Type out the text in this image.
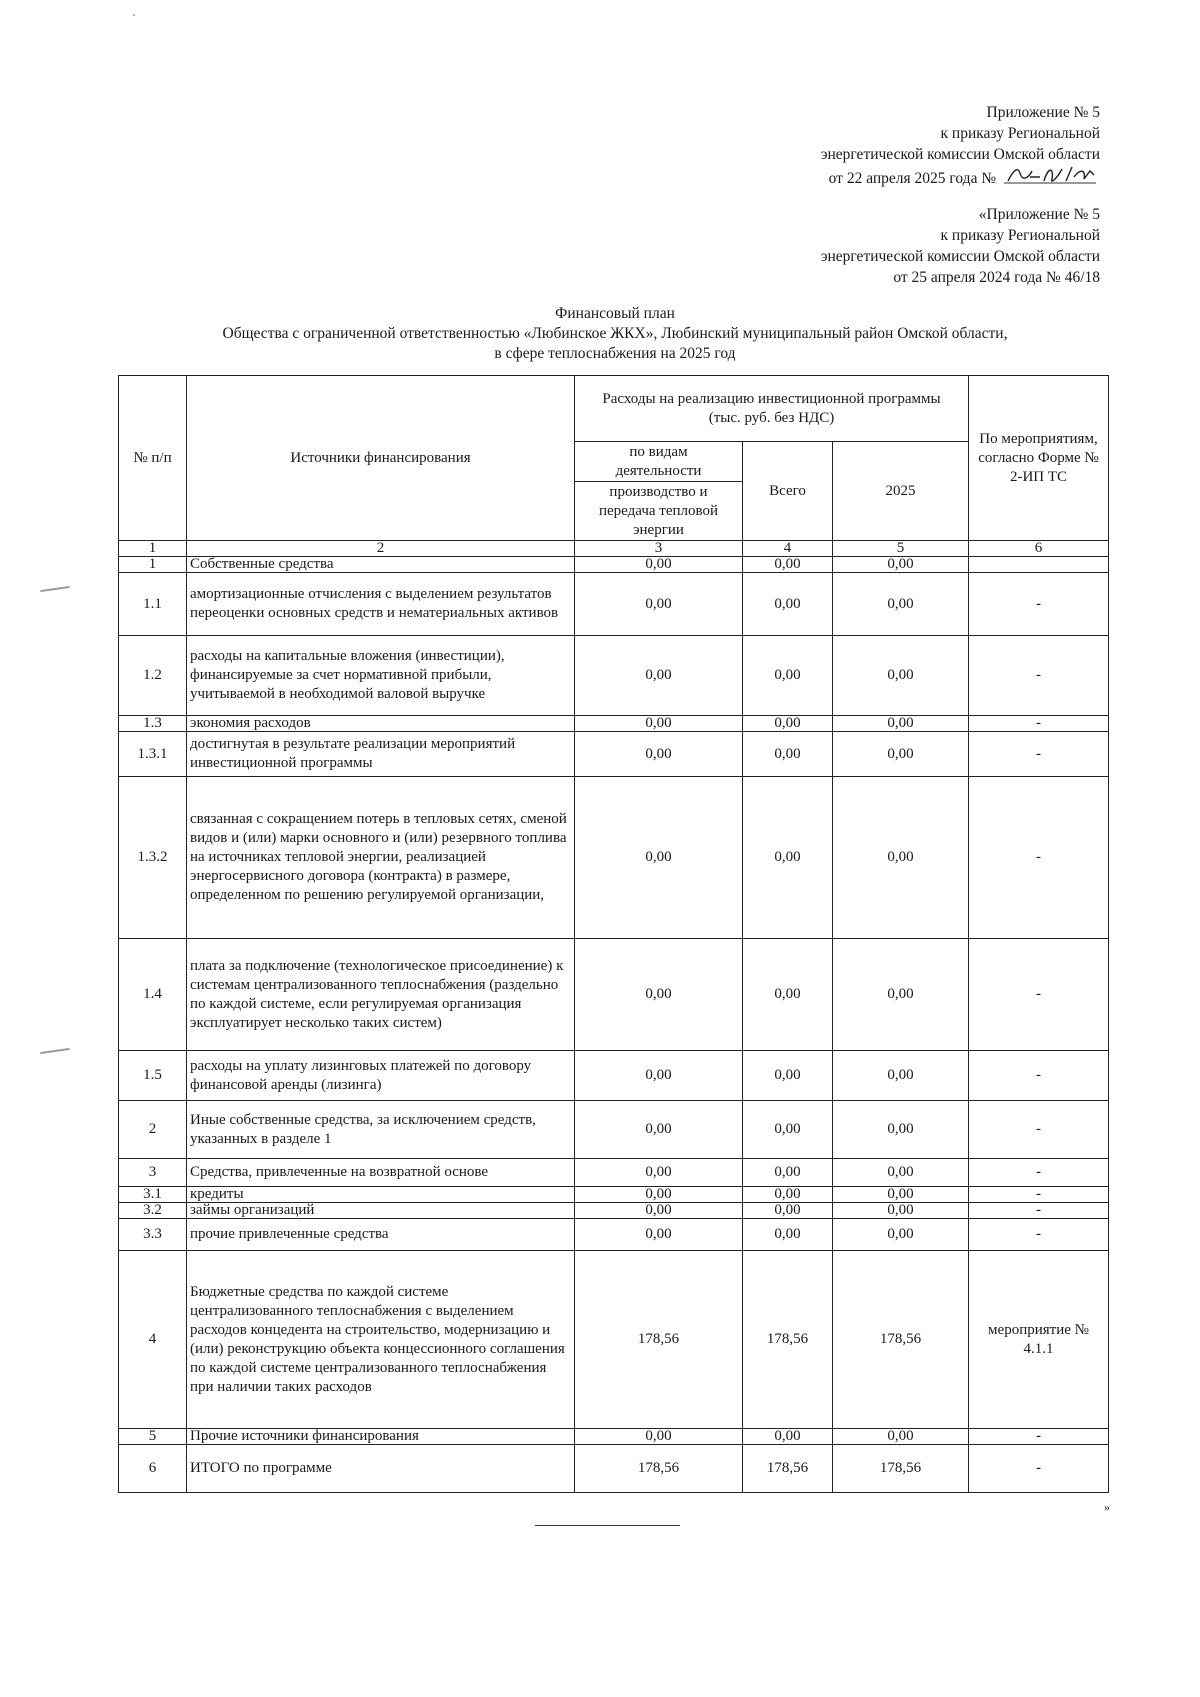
Приложение № 5
к приказу Региональной
энергетической комиссии Омской области
от 22 апреля 2025 года №
«Приложение № 5
к приказу Региональной
энергетической комиссии Омской области
от 25 апреля 2024 года № 46/18
Финансовый план
Общества с ограниченной ответственностью «Любинское ЖКХ», Любинский муниципальный район Омской области,
в сфере теплоснабжения на 2025 год
№ п/п	Источники финансирования	Расходы на реализацию инвестиционной программы (тыс. руб. без НДС)			По мероприятиям, согласно Форме № 2-ИП ТС
		по видам деятельности	Всего	2025	
		производство и передача тепловой энергии			
1	2	3	4	5	6
1	Собственные средства	0,00	0,00	0,00	
1.1	амортизационные отчисления с выделением результатов переоценки основных средств и нематериальных активов	0,00	0,00	0,00	-
1.2	расходы на капитальные вложения (инвестиции), финансируемые за счет нормативной прибыли, учитываемой в необходимой валовой выручке	0,00	0,00	0,00	-
1.3	экономия расходов	0,00	0,00	0,00	-
1.3.1	достигнутая в результате реализации мероприятий инвестиционной программы	0,00	0,00	0,00	-
1.3.2	связанная с сокращением потерь в тепловых сетях, сменой видов и (или) марки основного и (или) резервного топлива на источниках тепловой энергии, реализацией энергосервисного договора (контракта) в размере, определенном по решению регулируемой организации,	0,00	0,00	0,00	-
1.4	плата за подключение (технологическое присоединение) к системам централизованного теплоснабжения (раздельно по каждой системе, если регулируемая организация эксплуатирует несколько таких систем)	0,00	0,00	0,00	-
1.5	расходы на уплату лизинговых платежей по договору финансовой аренды (лизинга)	0,00	0,00	0,00	-
2	Иные собственные средства, за исключением средств, указанных в разделе 1	0,00	0,00	0,00	-
3	Средства, привлеченные на возвратной основе	0,00	0,00	0,00	-
3.1	кредиты	0,00	0,00	0,00	-
3.2	займы организаций	0,00	0,00	0,00	-
3.3	прочие привлеченные средства	0,00	0,00	0,00	-
4	Бюджетные средства по каждой системе централизованного теплоснабжения с выделением расходов концедента на строительство, модернизацию и (или) реконструкцию объекта концессионного соглашения по каждой системе централизованного теплоснабжения при наличии таких расходов	178,56	178,56	178,56	мероприятие № 4.1.1
5	Прочие источники финансирования	0,00	0,00	0,00	-
6	ИТОГО по программе	178,56	178,56	178,56	-
»
